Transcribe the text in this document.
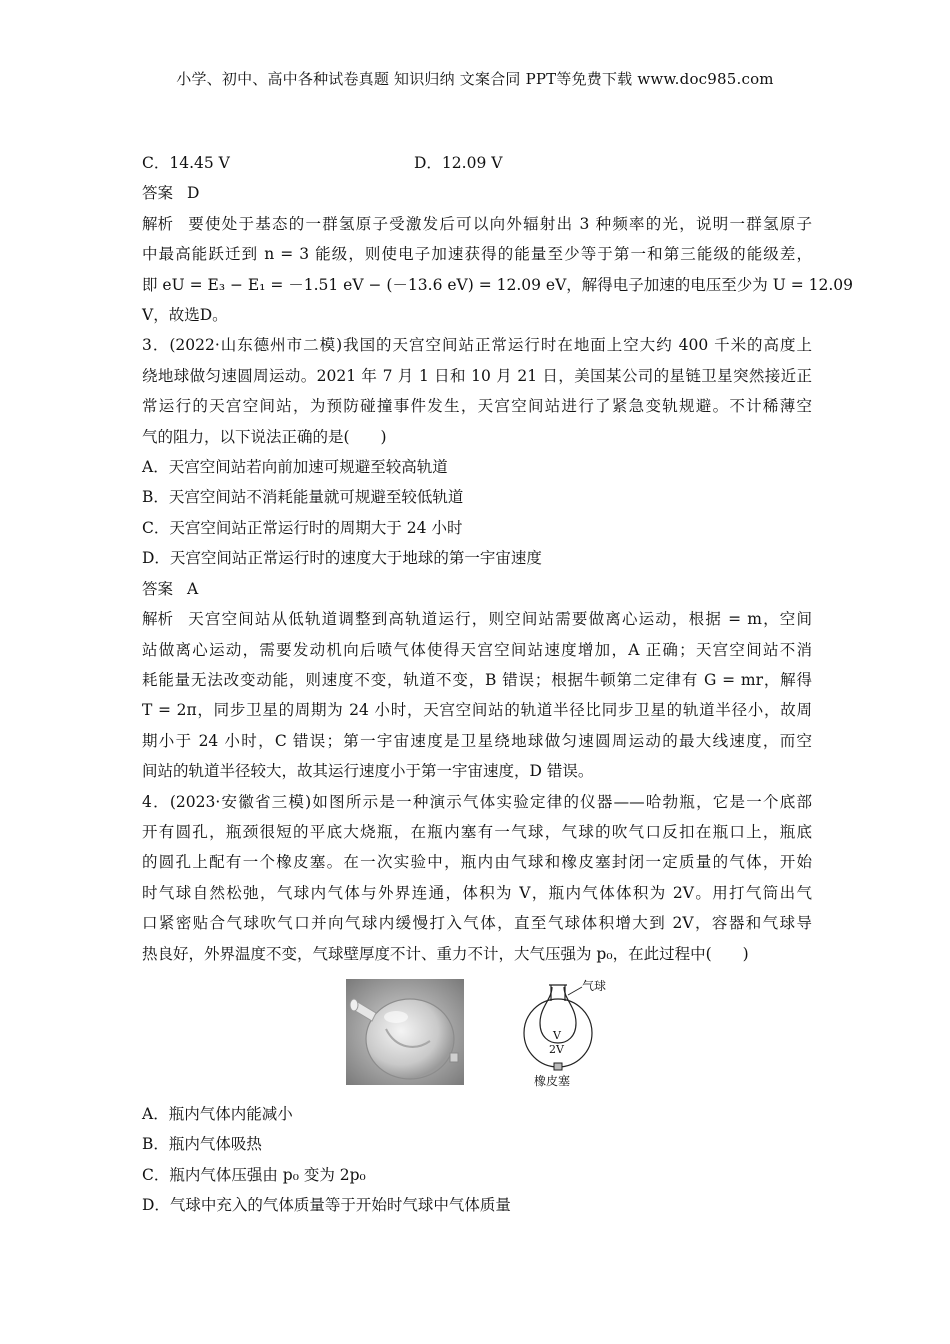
小学、初中、高中各种试卷真题 知识归纳 文案合同 PPT等免费下载 www.doc985.com
C．14.45 V	D．12.09 V
答案 D
解析 要使处于基态的一群氢原子受激发后可以向外辐射出 3 种频率的光，说明一群氢原子
中最高能跃迁到 n = 3 能级，则使电子加速获得的能量至少等于第一和第三能级的能级差，
即 eU = E₃ − E₁ = －1.51 eV − (－13.6 eV) = 12.09 eV，解得电子加速的电压至少为 U = 12.09
V，故选D。
3．(2022·山东德州市二模)我国的天宫空间站正常运行时在地面上空大约 400 千米的高度上
绕地球做匀速圆周运动。2021 年 7 月 1 日和 10 月 21 日，美国某公司的星链卫星突然接近正
常运行的天宫空间站，为预防碰撞事件发生，天宫空间站进行了紧急变轨规避。不计稀薄空
气的阻力，以下说法正确的是(　　)
A．天宫空间站若向前加速可规避至较高轨道
B．天宫空间站不消耗能量就可规避至较低轨道
C．天宫空间站正常运行时的周期大于 24 小时
D．天宫空间站正常运行时的速度大于地球的第一宇宙速度
答案 A
解析 天宫空间站从低轨道调整到高轨道运行，则空间站需要做离心运动，根据 = m，空间
站做离心运动，需要发动机向后喷气体使得天宫空间站速度增加，A 正确；天宫空间站不消
耗能量无法改变动能，则速度不变，轨道不变，B 错误；根据牛顿第二定律有 G = mr，解得
T = 2π，同步卫星的周期为 24 小时，天宫空间站的轨道半径比同步卫星的轨道半径小，故周
期小于 24 小时，C 错误；第一宇宙速度是卫星绕地球做匀速圆周运动的最大线速度，而空
间站的轨道半径较大，故其运行速度小于第一宇宙速度，D 错误。
4．(2023·安徽省三模)如图所示是一种演示气体实验定律的仪器——哈勃瓶，它是一个底部
开有圆孔，瓶颈很短的平底大烧瓶，在瓶内塞有一气球，气球的吹气口反扣在瓶口上，瓶底
的圆孔上配有一个橡皮塞。在一次实验中，瓶内由气球和橡皮塞封闭一定质量的气体，开始
时气球自然松弛，气球内气体与外界连通，体积为 V，瓶内气体体积为 2V。用打气筒出气
口紧密贴合气球吹气口并向气球内缓慢打入气体，直至气球体积增大到 2V，容器和气球导
热良好，外界温度不变，气球壁厚度不计、重力不计，大气压强为 p₀，在此过程中(　　)
气球
V
2V
橡皮塞
A．瓶内气体内能减小
B．瓶内气体吸热
C．瓶内气体压强由 p₀ 变为 2p₀
D．气球中充入的气体质量等于开始时气球中气体质量
